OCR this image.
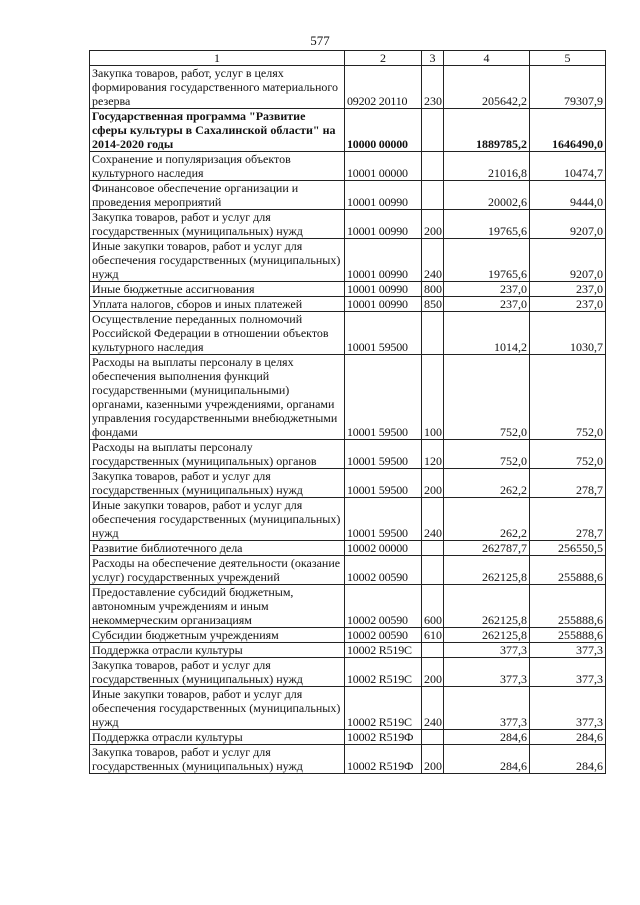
577
1	2	3	4	5
Закупка товаров, работ, услуг в целях формирования государственного материального резерва	09202 20110	230	205642,2	79307,9
Государственная программа "Развитие сферы культуры в Сахалинской области" на 2014-2020 годы	10000 00000		1889785,2	1646490,0
Сохранение и популяризация объектов культурного наследия	10001 00000		21016,8	10474,7
Финансовое обеспечение организации и проведения мероприятий	10001 00990		20002,6	9444,0
Закупка товаров, работ и услуг для государственных (муниципальных) нужд	10001 00990	200	19765,6	9207,0
Иные закупки товаров, работ и услуг для обеспечения государственных (муниципальных) нужд	10001 00990	240	19765,6	9207,0
Иные бюджетные ассигнования	10001 00990	800	237,0	237,0
Уплата налогов, сборов и иных платежей	10001 00990	850	237,0	237,0
Осуществление переданных полномочий Российской Федерации в отношении объектов культурного наследия	10001 59500		1014,2	1030,7
Расходы на выплаты персоналу в целях обеспечения выполнения функций государственными (муниципальными) органами, казенными учреждениями, органами управления государственными внебюджетными фондами	10001 59500	100	752,0	752,0
Расходы на выплаты персоналу государственных (муниципальных) органов	10001 59500	120	752,0	752,0
Закупка товаров, работ и услуг для государственных (муниципальных) нужд	10001 59500	200	262,2	278,7
Иные закупки товаров, работ и услуг для обеспечения государственных (муниципальных) нужд	10001 59500	240	262,2	278,7
Развитие библиотечного дела	10002 00000		262787,7	256550,5
Расходы на обеспечение деятельности (оказание услуг) государственных учреждений	10002 00590		262125,8	255888,6
Предоставление субсидий бюджетным, автономным учреждениям и иным некоммерческим организациям	10002 00590	600	262125,8	255888,6
Субсидии бюджетным учреждениям	10002 00590	610	262125,8	255888,6
Поддержка отрасли культуры	10002 R519C		377,3	377,3
Закупка товаров, работ и услуг для государственных (муниципальных) нужд	10002 R519C	200	377,3	377,3
Иные закупки товаров, работ и услуг для обеспечения государственных (муниципальных) нужд	10002 R519C	240	377,3	377,3
Поддержка отрасли культуры	10002 R519Ф		284,6	284,6
Закупка товаров, работ и услуг для государственных (муниципальных) нужд	10002 R519Ф	200	284,6	284,6
